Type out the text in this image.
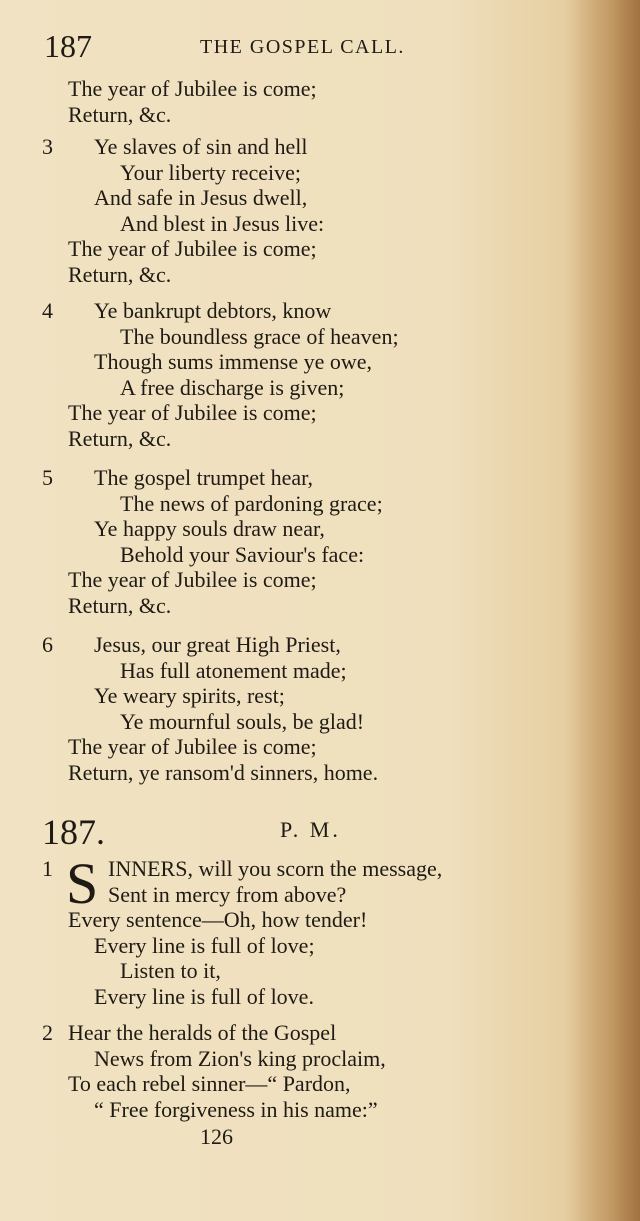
187	THE GOSPEL CALL.
The year of Jubilee is come;
Return, &c.
3 Ye slaves of sin and hell
Your liberty receive;
And safe in Jesus dwell,
And blest in Jesus live:
The year of Jubilee is come;
Return, &c.
4 Ye bankrupt debtors, know
The boundless grace of heaven;
Though sums immense ye owe,
A free discharge is given;
The year of Jubilee is come;
Return, &c.
5 The gospel trumpet hear,
The news of pardoning grace;
Ye happy souls draw near,
Behold your Saviour's face:
The year of Jubilee is come;
Return, &c.
6 Jesus, our great High Priest,
Has full atonement made;
Ye weary spirits, rest;
Ye mournful souls, be glad!
The year of Jubilee is come;
Return, ye ransom'd sinners, home.
187.	P. M.
S
1	INNERS, will you scorn the message,
Sent in mercy from above?
Every sentence—Oh, how tender!
Every line is full of love;
Listen to it,
Every line is full of love.
2 Hear the heralds of the Gospel
News from Zion's king proclaim,
To each rebel sinner—“ Pardon,
“ Free forgiveness in his name:”
126
